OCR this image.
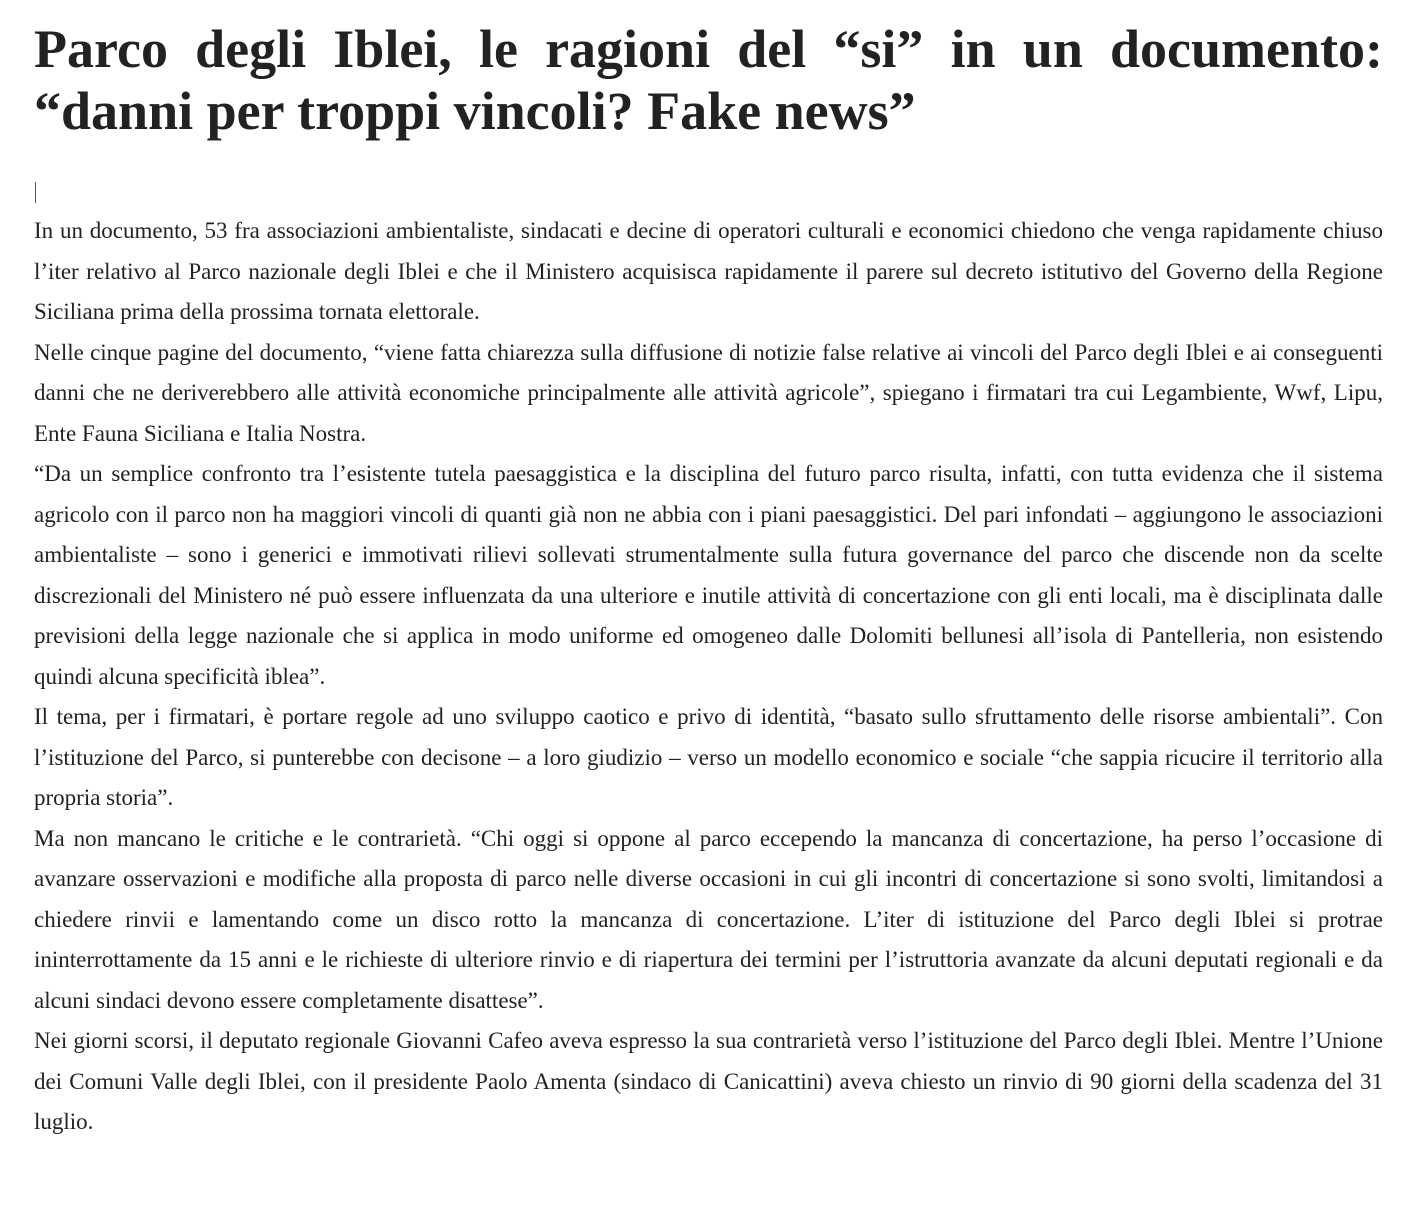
Parco degli Iblei, le ragioni del “si” in un documento: “danni per troppi vincoli? Fake news”

In un documento, 53 fra associazioni ambientaliste, sindacati e decine di operatori culturali e economici chiedono che venga rapidamente chiuso l’iter relativo al Parco nazionale degli Iblei e che il Ministero acquisisca rapidamente il parere sul decreto istitutivo del Governo della Regione Siciliana prima della prossima tornata elettorale.

Nelle cinque pagine del documento, “viene fatta chiarezza sulla diffusione di notizie false relative ai vincoli del Parco degli Iblei e ai conseguenti danni che ne deriverebbero alle attività economiche principalmente alle attività agricole”, spiegano i firmatari tra cui Legambiente, Wwf, Lipu, Ente Fauna Siciliana e Italia Nostra.

“Da un semplice confronto tra l’esistente tutela paesaggistica e la disciplina del futuro parco risulta, infatti, con tutta evidenza che il sistema agricolo con il parco non ha maggiori vincoli di quanti già non ne abbia con i piani paesaggistici. Del pari infondati – aggiungono le associazioni ambientaliste – sono i generici e immotivati rilievi sollevati strumentalmente sulla futura governance del parco che discende non da scelte discrezionali del Ministero né può essere influenzata da una ulteriore e inutile attività di concertazione con gli enti locali, ma è disciplinata dalle previsioni della legge nazionale che si applica in modo uniforme ed omogeneo dalle Dolomiti bellunesi all’isola di Pantelleria, non esistendo quindi alcuna specificità iblea”.

Il tema, per i firmatari, è portare regole ad uno sviluppo caotico e privo di identità, “basato sullo sfruttamento delle risorse ambientali”. Con l’istituzione del Parco, si punterebbe con decisone – a loro giudizio – verso un modello economico e sociale “che sappia ricucire il territorio alla propria storia”.

Ma non mancano le critiche e le contrarietà. “Chi oggi si oppone al parco eccependo la mancanza di concertazione, ha perso l’occasione di avanzare osservazioni e modifiche alla proposta di parco nelle diverse occasioni in cui gli incontri di concertazione si sono svolti, limitandosi a chiedere rinvii e lamentando come un disco rotto la mancanza di concertazione. L’iter di istituzione del Parco degli Iblei si protrae ininterrottamente da 15 anni e le richieste di ulteriore rinvio e di riapertura dei termini per l’istruttoria avanzate da alcuni deputati regionali e da alcuni sindaci devono essere completamente disattese”.

Nei giorni scorsi, il deputato regionale Giovanni Cafeo aveva espresso la sua contrarietà verso l’istituzione del Parco degli Iblei. Mentre l’Unione dei Comuni Valle degli Iblei, con il presidente Paolo Amenta (sindaco di Canicattini) aveva chiesto un rinvio di 90 giorni della scadenza del 31 luglio.
